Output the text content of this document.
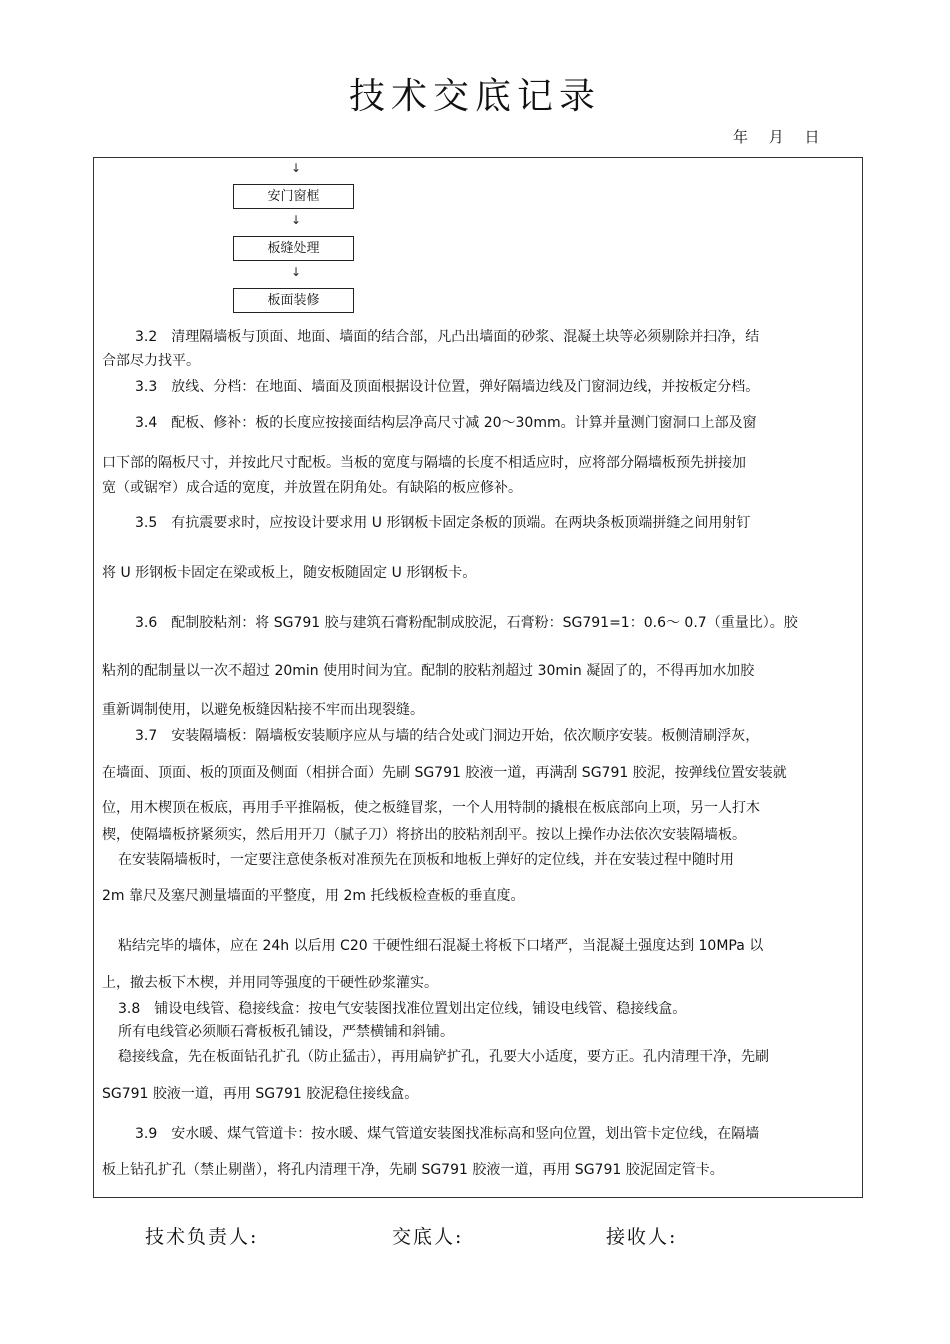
技术交底记录
年 月 日
↓
安门窗框
↓
板缝处理
↓
板面装修
3.2　清理隔墙板与顶面、地面、墙面的结合部，凡凸出墙面的砂浆、混凝土块等必须剔除并扫净，结
合部尽力找平。
3.3　放线、分档：在地面、墙面及顶面根据设计位置，弹好隔墙边线及门窗洞边线，并按板定分档。
3.4　配板、修补：板的长度应按接面结构层净高尺寸减 20～30mm。计算并量测门窗洞口上部及窗
口下部的隔板尺寸，并按此尺寸配板。当板的宽度与隔墙的长度不相适应时，应将部分隔墙板预先拼接加
宽（或锯窄）成合适的宽度，并放置在阴角处。有缺陷的板应修补。
3.5　有抗震要求时，应按设计要求用 U 形钢板卡固定条板的顶端。在两块条板顶端拼缝之间用射钉
将 U 形钢板卡固定在梁或板上，随安板随固定 U 形钢板卡。
3.6　配制胶粘剂：将 SG791 胶与建筑石膏粉配制成胶泥，石膏粉：SG791=1：0.6～ 0.7（重量比）。胶
粘剂的配制量以一次不超过 20min 使用时间为宜。配制的胶粘剂超过 30min 凝固了的，不得再加水加胶
重新调制使用，以避免板缝因粘接不牢而出现裂缝。
3.7　安装隔墙板：隔墙板安装顺序应从与墙的结合处或门洞边开始，依次顺序安装。板侧清刷浮灰，
在墙面、顶面、板的顶面及侧面（相拼合面）先刷 SG791 胶液一道，再满刮 SG791 胶泥，按弹线位置安装就
位，用木楔顶在板底，再用手平推隔板，使之板缝冒浆，一个人用特制的撬根在板底部向上项，另一人打木
楔，使隔墙板挤紧须实，然后用开刀（腻子刀）将挤出的胶粘剂刮平。按以上操作办法依次安装隔墙板。
在安装隔墙板时，一定要注意使条板对准预先在顶板和地板上弹好的定位线，并在安装过程中随时用
2m 靠尺及塞尺测量墙面的平整度，用 2m 托线板检查板的垂直度。
粘结完毕的墙体，应在 24h 以后用 C20 干硬性细石混凝土将板下口堵严，当混凝土强度达到 10MPa 以
上，撤去板下木楔，并用同等强度的干硬性砂浆灌实。
3.8　铺设电线管、稳接线盒：按电气安装图找准位置划出定位线，铺设电线管、稳接线盒。
所有电线管必须顺石膏板板孔铺设，严禁横铺和斜铺。
稳接线盒，先在板面钻孔扩孔（防止猛击），再用扁铲扩孔，孔要大小适度，要方正。孔内清理干净，先刷
SG791 胶液一道，再用 SG791 胶泥稳住接线盒。
3.9　安水暖、煤气管道卡：按水暖、煤气管道安装图找准标高和竖向位置，划出管卡定位线，在隔墙
板上钻孔扩孔（禁止剔凿），将孔内清理干净，先刷 SG791 胶液一道，再用 SG791 胶泥固定管卡。
技术负责人:	交底人:	接收人:
